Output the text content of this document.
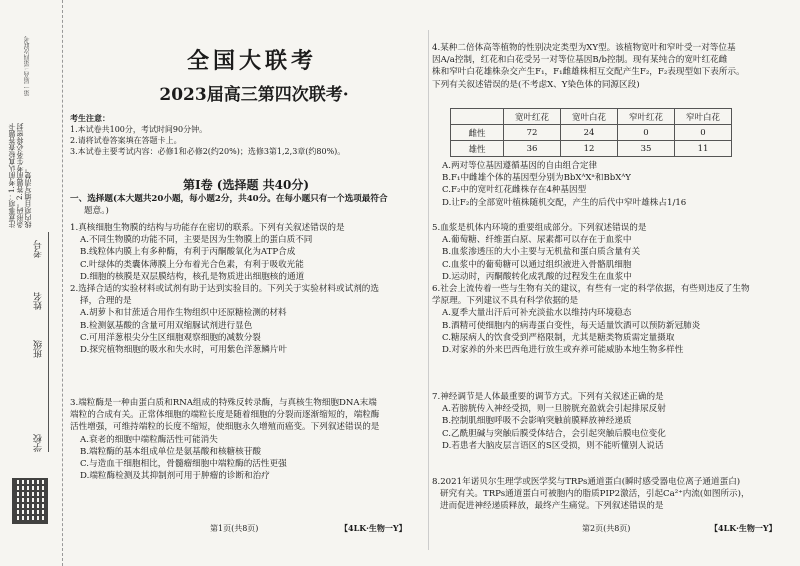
第一届高三第四次联考
注意事项：1.考前认真检查答题卡条形码。2.答题前考生务必将密封线内项目填写清楚。
学校
班级
姓名
考号
全国大联考
2023届高三第四次联考·
考生注意：
1.本试卷共100分，考试时间90分钟。
2.请将试卷答案填在答题卡上。
3.本试卷主要考试内容：必修1和必修2(约20%)；选修3第1,2,3章(约80%)。
第Ⅰ卷 (选择题 共40分)
一、选择题(本大题共20小题，每小题2分，共40分。在每小题只有一个选项最符合
题意。)
1.真核细胞生物膜的结构与功能存在密切的联系。下列有关叙述错误的是
A.不同生物膜的功能不同，主要是因为生物膜上的蛋白质不同
B.线粒体内膜上有多种酶，有利于丙酮酸氧化为ATP合成
C.叶绿体的类囊体薄膜上分布着光合色素，有利于吸收光能
D.细胞的核膜是双层膜结构，核孔是物质进出细胞核的通道
2.选择合适的实验材料或试剂有助于达到实验目的。下列关于实验材料或试剂的选
择，合理的是
A.胡萝卜和甘蔗适合用作生物组织中还原糖检测的材料
B.检测氨基酸的含量可用双缩脲试剂进行显色
C.可用洋葱根尖分生区细胞观察细胞的减数分裂
D.探究植物细胞的吸水和失水时，可用紫色洋葱鳞片叶
3.端粒酶是一种由蛋白质和RNA组成的特殊反转录酶，与真核生物细胞DNA末端
端粒的合成有关。正常体细胞的端粒长度是随着细胞的分裂而逐渐缩短的，端粒酶
活性增强，可维持端粒的长度不缩短，使细胞永久增殖而癌变。下列叙述错误的是
A.衰老的细胞中端粒酶活性可能消失
B.端粒酶的基本组成单位是氨基酸和核糖核苷酸
C.与造血干细胞相比，骨髓瘤细胞中端粒酶的活性更强
D.端粒酶检测及其抑制剂可用于肿瘤的诊断和治疗
第1页(共8页)	【4LK·生物一Y】
4.某种二倍体高等植物的性别决定类型为XY型。该植物宽叶和窄叶受一对等位基
因A/a控制，红花和白花受另一对等位基因B/b控制。现有某纯合的宽叶红花雌
株和窄叶白花雄株杂交产生F₁，F₁雌雄株相互交配产生F₂，F₂表现型如下表所示。
下列有关叙述错误的是(不考虑X、Y染色体的同源区段)
	宽叶红花	宽叶白花	窄叶红花	窄叶白花
雌性	72	24	0	0
雄性	36	12	35	11
A.两对等位基因遵循基因的自由组合定律
B.F₁中雌雄个体的基因型分别为BbXᴬXᵃ和BbXᴬY
C.F₂中的宽叶红花雌株存在4种基因型
D.让F₂的全部宽叶植株随机交配，产生的后代中窄叶雄株占1/16
5.血浆是机体内环境的重要组成部分。下列叙述错误的是
A.葡萄糖、纤维蛋白原、尿素都可以存在于血浆中
B.血浆渗透压的大小主要与无机盐和蛋白质含量有关
C.血浆中的葡萄糖可以通过组织液进入骨骼肌细胞
D.运动时，丙酮酸转化成乳酸的过程发生在血浆中
6.社会上流传着一些与生物有关的建议，有些有一定的科学依据，有些则违反了生物
学原理。下列建议不具有科学依据的是
A.夏季大量出汗后可补充淡盐水以维持内环境稳态
B.酒精可使细胞内的病毒蛋白变性，每天适量饮酒可以预防新冠肺炎
C.糖尿病人的饮食受到严格限制，尤其是糖类物质需定量摄取
D.对家养的外来巴西龟进行放生或弃养可能威胁本地生物多样性
7.神经调节是人体最重要的调节方式。下列有关叙述正确的是
A.若膀胱传入神经受损，则一旦膀胱充盈就会引起排尿反射
B.控制肌细胞呼吸不会影响突触前膜释放神经递质
C.乙酰胆碱与突触后膜受体结合，会引起突触后膜电位变化
D.若患者大脑皮层言语区的S区受损，则不能听懂别人说话
8.2021年诺贝尔生理学或医学奖与TRPs通道蛋白(瞬时感受器电位离子通道蛋白)
研究有关。TRPs通道蛋白可被胞内的脂质PIP2激活，引起Ca²⁺内流(如图所示)，
进而促进神经递质释放，最终产生痛觉。下列叙述错误的是
第2页(共8页)	【4LK·生物一Y】
